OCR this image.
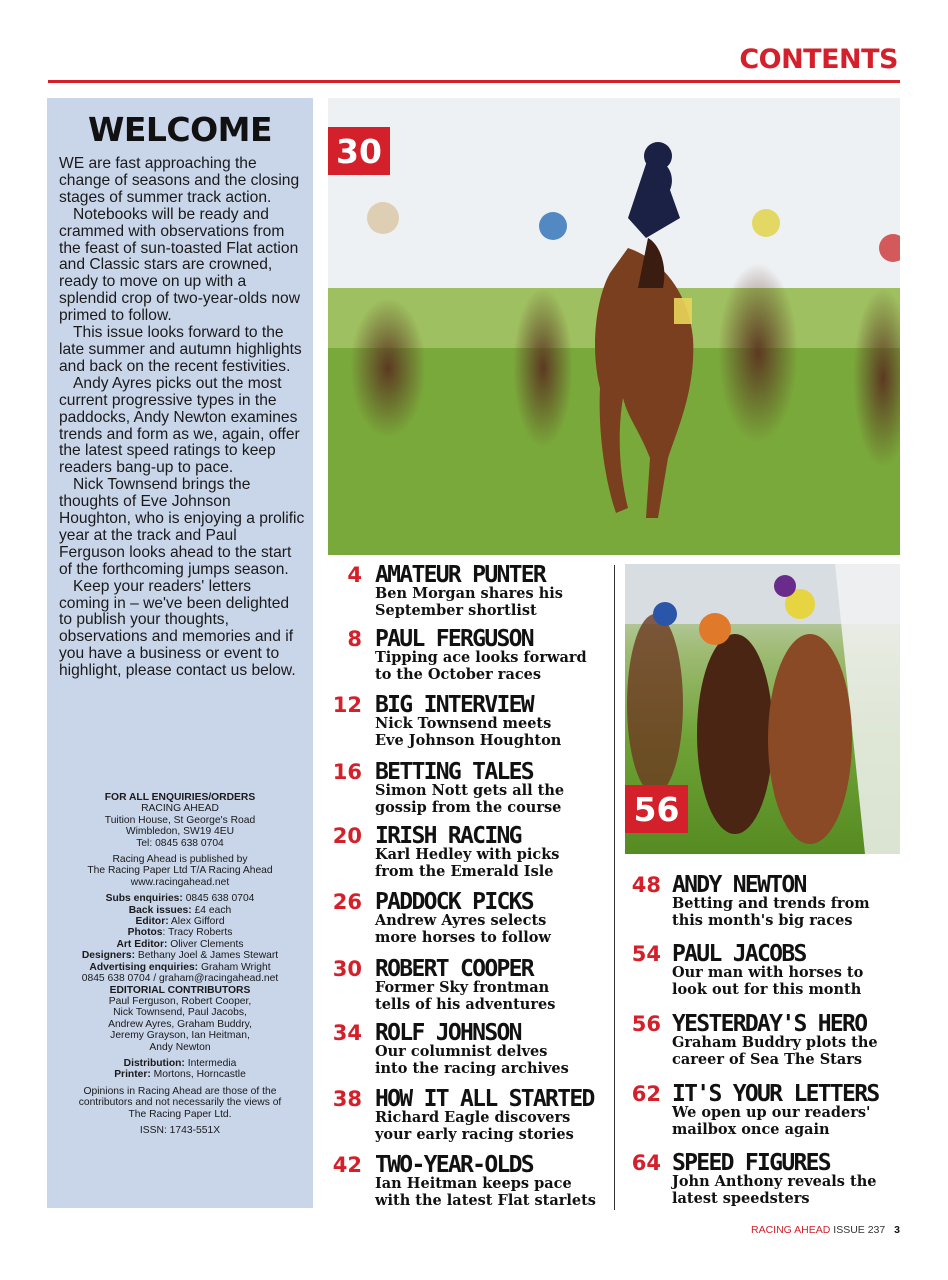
CONTENTS
WELCOME

WE are fast approaching the change of seasons and the closing stages of summer track action.

Notebooks will be ready and crammed with observations from the feast of sun-toasted Flat action and Classic stars are crowned, ready to move on up with a splendid crop of two-year-olds now primed to follow.

This issue looks forward to the late summer and autumn highlights and back on the recent festivities.

Andy Ayres picks out the most current progressive types in the paddocks, Andy Newton examines trends and form as we, again, offer the latest speed ratings to keep readers bang-up to pace.

Nick Townsend brings the thoughts of Eve Johnson Houghton, who is enjoying a prolific year at the track and Paul Ferguson looks ahead to the start of the forthcoming jumps season.

Keep your readers' letters coming in – we've been delighted to publish your thoughts, observations and memories and if you have a business or event to highlight, please contact us below.

FOR ALL ENQUIRIES/ORDERS
RACING AHEAD
Tuition House, St George's Road
Wimbledon, SW19 4EU
Tel: 0845 638 0704
Racing Ahead is published by
The Racing Paper Ltd T/A Racing Ahead
www.racingahead.net
Subs enquiries: 0845 638 0704
Back issues: £4 each
Editor: Alex Gifford
Photos: Tracy Roberts
Art Editor: Oliver Clements
Designers: Bethany Joel & James Stewart
Advertising enquiries: Graham Wright
0845 638 0704 / graham@racingahead.net
EDITORIAL CONTRIBUTORS
Paul Ferguson, Robert Cooper,
Nick Townsend, Paul Jacobs,
Andrew Ayres, Graham Buddry,
Jeremy Grayson, Ian Heitman,
Andy Newton
Distribution: Intermedia
Printer: Mortons, Horncastle
Opinions in Racing Ahead are those of the
contributors and not necessarily the views of
The Racing Paper Ltd.
ISSN: 1743-551X
30
56
4 AMATEUR PUNTER
Ben Morgan shares his
September shortlist
8 PAUL FERGUSON
Tipping ace looks forward
to the October races
12 BIG INTERVIEW
Nick Townsend meets
Eve Johnson Houghton
16 BETTING TALES
Simon Nott gets all the
gossip from the course
20 IRISH RACING
Karl Hedley with picks
from the Emerald Isle
26 PADDOCK PICKS
Andrew Ayres selects
more horses to follow
30 ROBERT COOPER
Former Sky frontman
tells of his adventures
34 ROLF JOHNSON
Our columnist delves
into the racing archives
38 HOW IT ALL STARTED
Richard Eagle discovers
your early racing stories
42 TWO-YEAR-OLDS
Ian Heitman keeps pace
with the latest Flat starlets
48 ANDY NEWTON
Betting and trends from
this month's big races
54 PAUL JACOBS
Our man with horses to
look out for this month
56 YESTERDAY'S HERO
Graham Buddry plots the
career of Sea The Stars
62 IT'S YOUR LETTERS
We open up our readers'
mailbox once again
64 SPEED FIGURES
John Anthony reveals the
latest speedsters
RACING AHEAD ISSUE 237 3
